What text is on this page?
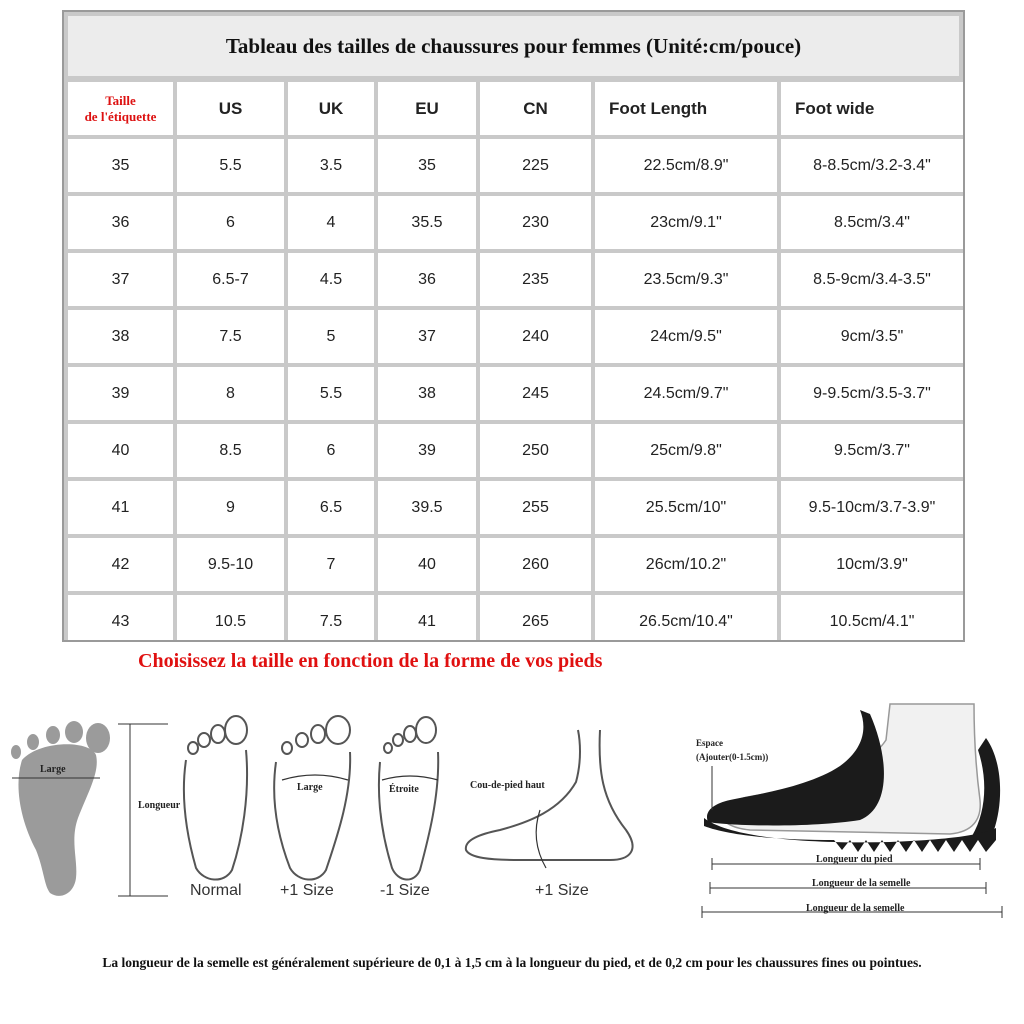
Tableau des tailles de chaussures pour femmes (Unité:cm/pouce)
Taille
de l'étiquette	US	UK	EU	CN	Foot Length	Foot wide
35	5.5	3.5	35	225	22.5cm/8.9"	8-8.5cm/3.2-3.4"
36	6	4	35.5	230	23cm/9.1"	8.5cm/3.4"
37	6.5-7	4.5	36	235	23.5cm/9.3"	8.5-9cm/3.4-3.5"
38	7.5	5	37	240	24cm/9.5"	9cm/3.5"
39	8	5.5	38	245	24.5cm/9.7"	9-9.5cm/3.5-3.7"
40	8.5	6	39	250	25cm/9.8"	9.5cm/3.7"
41	9	6.5	39.5	255	25.5cm/10"	9.5-10cm/3.7-3.9"
42	9.5-10	7	40	260	26cm/10.2"	10cm/3.9"
43	10.5	7.5	41	265	26.5cm/10.4"	10.5cm/4.1"
Choisissez la taille en fonction de la forme de vos pieds
Large
Longueur
Large	Étroite	Cou-de-pied haut
Normal +1 Size	-1 Size	+1 Size
Espace
(Ajouter(0-1.5cm))
Longueur du pied
Longueur de la semelle
Longueur de la semelle
La longueur de la semelle est généralement supérieure de 0,1 à 1,5 cm à la longueur du pied, et de 0,2 cm pour les chaussures fines ou pointues.
